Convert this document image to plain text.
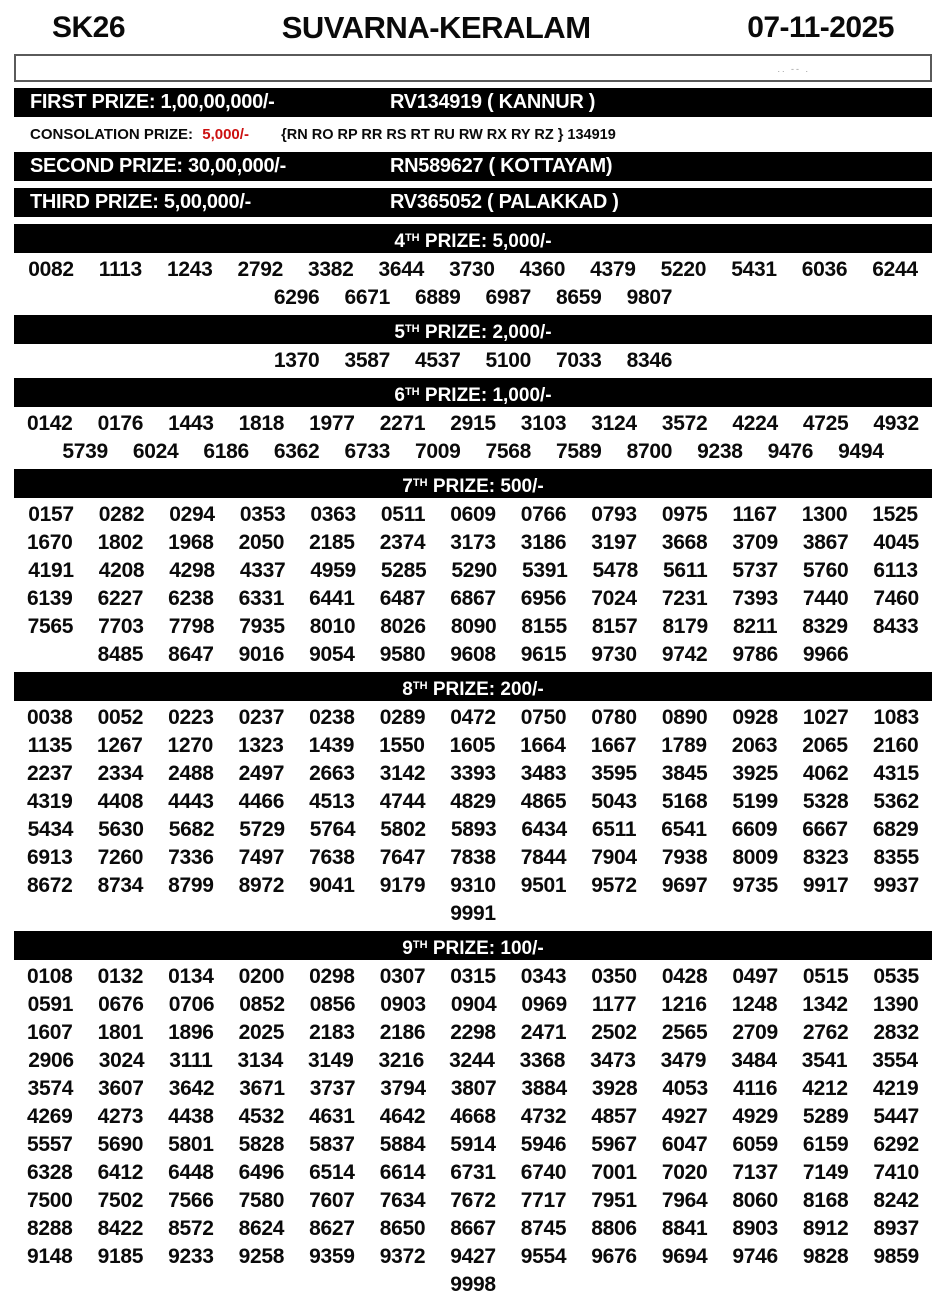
SK26	SUVARNA-KERALAM	07-11-2025
.. -- .
FIRST PRIZE: 1,00,00,000/-	RV134919 ( KANNUR )
CONSOLATION PRIZE: 5,000/- {RN RO RP RR RS RT RU RW RX RY RZ } 134919
SECOND PRIZE: 30,00,000/-	RN589627 ( KOTTAYAM)
THIRD PRIZE: 5,00,000/-	RV365052 ( PALAKKAD )
4TH PRIZE: 5,000/-
0082 1113 1243 2792 3382 3644 3730 4360 4379 5220 5431 6036 6244
6296 6671 6889 6987 8659 9807
5TH PRIZE: 2,000/-
1370 3587 4537 5100 7033 8346
6TH PRIZE: 1,000/-
0142 0176 1443 1818 1977 2271 2915 3103 3124 3572 4224 4725 4932
5739 6024 6186 6362 6733 7009 7568 7589 8700 9238 9476 9494
7TH PRIZE: 500/-
0157 0282 0294 0353 0363 0511 0609 0766 0793 0975 1167 1300 1525
1670 1802 1968 2050 2185 2374 3173 3186 3197 3668 3709 3867 4045
4191 4208 4298 4337 4959 5285 5290 5391 5478 5611 5737 5760 6113
6139 6227 6238 6331 6441 6487 6867 6956 7024 7231 7393 7440 7460
7565 7703 7798 7935 8010 8026 8090 8155 8157 8179 8211 8329 8433
8485 8647 9016 9054 9580 9608 9615 9730 9742 9786 9966
8TH PRIZE: 200/-
0038 0052 0223 0237 0238 0289 0472 0750 0780 0890 0928 1027 1083
1135 1267 1270 1323 1439 1550 1605 1664 1667 1789 2063 2065 2160
2237 2334 2488 2497 2663 3142 3393 3483 3595 3845 3925 4062 4315
4319 4408 4443 4466 4513 4744 4829 4865 5043 5168 5199 5328 5362
5434 5630 5682 5729 5764 5802 5893 6434 6511 6541 6609 6667 6829
6913 7260 7336 7497 7638 7647 7838 7844 7904 7938 8009 8323 8355
8672 8734 8799 8972 9041 9179 9310 9501 9572 9697 9735 9917 9937
9991
9TH PRIZE: 100/-
0108 0132 0134 0200 0298 0307 0315 0343 0350 0428 0497 0515 0535
0591 0676 0706 0852 0856 0903 0904 0969 1177 1216 1248 1342 1390
1607 1801 1896 2025 2183 2186 2298 2471 2502 2565 2709 2762 2832
2906 3024 3111 3134 3149 3216 3244 3368 3473 3479 3484 3541 3554
3574 3607 3642 3671 3737 3794 3807 3884 3928 4053 4116 4212 4219
4269 4273 4438 4532 4631 4642 4668 4732 4857 4927 4929 5289 5447
5557 5690 5801 5828 5837 5884 5914 5946 5967 6047 6059 6159 6292
6328 6412 6448 6496 6514 6614 6731 6740 7001 7020 7137 7149 7410
7500 7502 7566 7580 7607 7634 7672 7717 7951 7964 8060 8168 8242
8288 8422 8572 8624 8627 8650 8667 8745 8806 8841 8903 8912 8937
9148 9185 9233 9258 9359 9372 9427 9554 9676 9694 9746 9828 9859
9998
